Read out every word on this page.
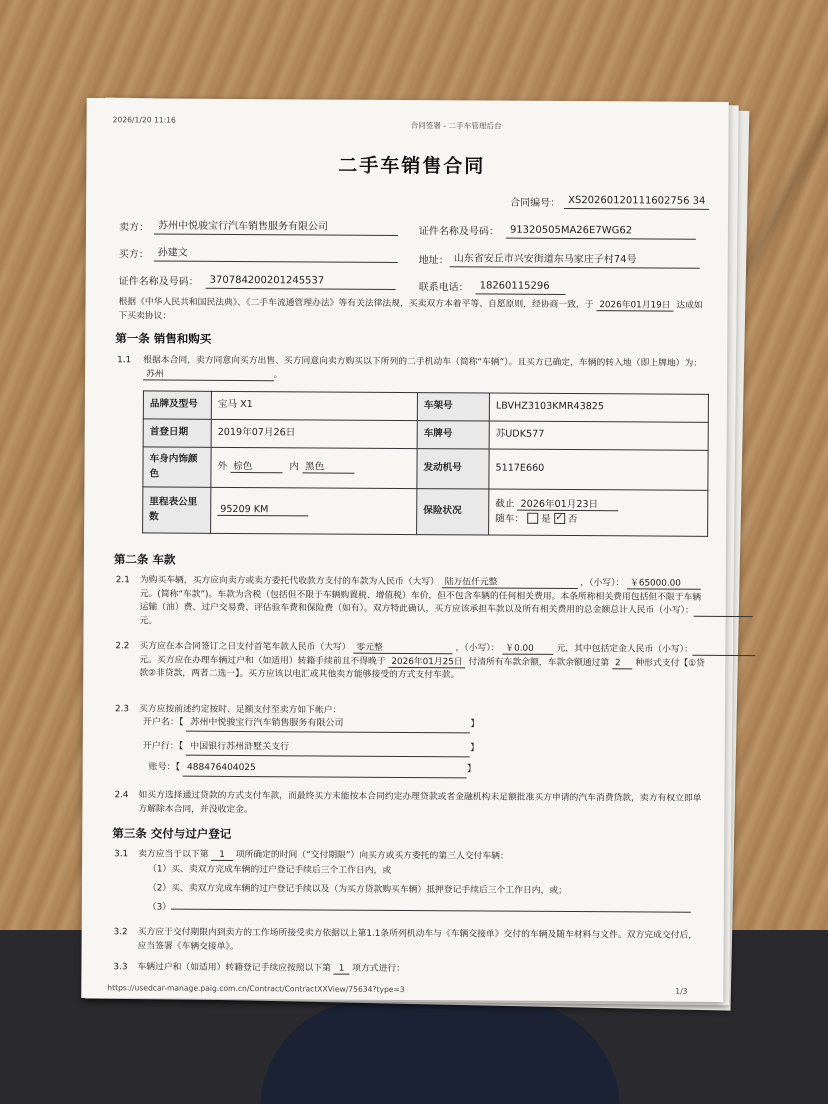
2026/1/20 11:16
合同签署 - 二手车管理后台
二手车销售合同
合同编号： XS20260120111602756 34
卖方： 苏州中悦骏宝行汽车销售服务有限公司	证件名称及号码：	91320505MA26E7WG62
买方： 孙建文
地址： 山东省安丘市兴安街道东马家庄子村74号
证件名称及号码：	370784200201245537
联系电话：	18260115296
根据《中华人民共和国民法典》、《二手车流通管理办法》等有关法律法规，买卖双方本着平等、自愿原则，经协商一致，于 2026年01月19日 达成如下买卖协议：
第一条 销售和购买
1.1 根据本合同，卖方同意向买方出售、买方同意向卖方购买以下所列的二手机动车（简称“车辆”）。且买方已确定，车辆的转入地（即上牌地）为： 苏州	。
品牌及型号	宝马 X1	车架号	LBVHZ3103KMR43825
首登日期	2019年07月26日	车牌号	苏UDK577
车身内饰颜色	外 棕色 内 黑色	发动机号	5117E660
里程表公里数	95209 KM	保险状况	截止 2026年01月23日
随车： 是 ✓ 否
第二条 车款
2.1 为购买车辆，买方应向卖方或卖方委托代收款方支付的车款为人民币（大写） 陆万伍仟元整	，（小写）： ￥65000.00 元。(简称“车款”)。车款为含税（包括但不限于车辆购置税、增值税）车价，但不包含车辆的任何相关费用。本条所称相关费用包括但不限于车辆运输（油）费、过户交易费、评估验车费和保险费（如有）。双方特此确认，买方应该承担车款以及所有相关费用的总金额总计人民币（小写）： 元。
2.2 买方应在本合同签订之日支付首笔车款人民币（大写） 零元整	，（小写）： ￥0.00	元，其中包括定金人民币（小写）： 元。买方应在办理车辆过户和（如适用）转籍手续前且不得晚于 2026年01月25日 付清所有车款余额，车款余额通过第 2 种形式支付【①贷款②非贷款，两者二选一】。买方应该以电汇或其他卖方能够接受的方式支付车款。
2.3 买方应按前述约定按时、足额支付至卖方如下帐户：
开户名：【 苏州中悦骏宝行汽车销售服务有限公司	】
开户行：【 中国银行苏州浒墅关支行	】
账号：【 488476404025	】
2.4 如买方选择通过贷款的方式支付车款，而最终买方未能按本合同约定办理贷款或者金融机构未足额批准买方申请的汽车消费贷款，卖方有权立即单方解除本合同，并没收定金。
第三条 交付与过户登记
3.1 卖方应当于以下第 1 项所确定的时间（“交付期限”）向买方或买方委托的第三人交付车辆：
（1）买、卖双方完成车辆的过户登记手续后三个工作日内，或
（2）买、卖双方完成车辆的过户登记手续以及（为买方贷款购买车辆）抵押登记手续后三个工作日内，或；
（3）
3.2 买方应于交付期限内到卖方的工作场所接受卖方依据以上第1.1条所列机动车与《车辆交接单》交付的车辆及随车材料与文件。双方完成交付后，应当签署《车辆交接单》。
3.3 车辆过户和（如适用）转籍登记手续应按照以下第 1 项方式进行：
https://usedcar-manage.paig.com.cn/Contract/ContractXXView/75634?type=3	1/3
